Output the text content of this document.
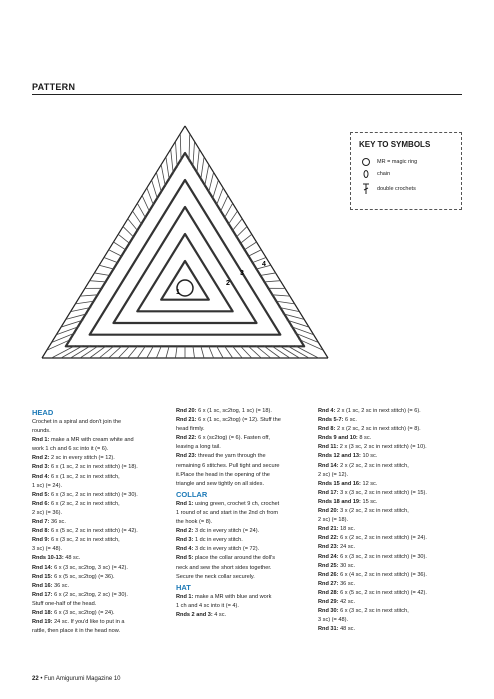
PATTERN
1
2
3
4
KEY TO SYMBOLS
MR = magic ring
chain
double crochets
HEAD

Crochet in a spiral and don't join the

rounds.

Rnd 1: make a MR with cream white and

work 1 ch and 6 sc into it (= 6).

Rnd 2: 2 sc in every stitch (= 12).

Rnd 3: 6 x (1 sc, 2 sc in next stitch) (= 18).

Rnd 4: 6 x (1 sc, 2 sc in next stitch,

1 sc) (= 24).

Rnd 5: 6 x (3 sc, 2 sc in next stitch) (= 30).

Rnd 6: 6 x (2 sc, 2 sc in next stitch,

2 sc) (= 36).

Rnd 7: 36 sc.

Rnd 8: 6 x (5 sc, 2 sc in next stitch) (= 42).

Rnd 9: 6 x (3 sc, 2 sc in next stitch,

3 sc) (= 48).

Rnds 10-13: 48 sc.

Rnd 14: 6 x (3 sc, sc2tog, 3 sc) (= 42).

Rnd 15: 6 x (5 sc, sc2tog) (= 36).

Rnd 16: 36 sc.

Rnd 17: 6 x (2 sc, sc2tog, 2 sc) (= 30).

Stuff one-half of the head.

Rnd 18: 6 x (3 sc, sc2tog) (= 24).

Rnd 19: 24 sc. If you'd like to put in a

rattle, then place it in the head now.

Rnd 20: 6 x (1 sc, sc2tog, 1 sc) (= 18).

Rnd 21: 6 x (1 sc, sc2tog) (= 12). Stuff the

head firmly.

Rnd 22: 6 x (sc2tog) (= 6). Fasten off,

leaving a long tail.

Rnd 23: thread the yarn through the

remaining 6 stitches. Pull tight and secure

it.Place the head in the opening of the

triangle and sew tightly on all sides.

COLLAR

Rnd 1: using green, crochet 9 ch, crochet

1 round of sc and start in the 2nd ch from

the hook (= 8).

Rnd 2: 3 dc in every stitch (= 24).

Rnd 3: 1 dc in every stitch.

Rnd 4: 3 dc in every stitch (= 72).

Rnd 5: place the collar around the doll's

neck and sew the short sides together.

Secure the neck collar securely.

HAT

Rnd 1: make a MR with blue and work

1 ch and 4 sc into it (= 4).

Rnds 2 and 3: 4 sc.

Rnd 4: 2 x (1 sc, 2 sc in next stitch) (= 6).

Rnds 5-7: 6 sc.

Rnd 8: 2 x (2 sc, 2 sc in next stitch) (= 8).

Rnds 9 and 10: 8 sc.

Rnd 11: 2 x (3 sc, 2 sc in next stitch) (= 10).

Rnds 12 and 13: 10 sc.

Rnd 14: 2 x (2 sc, 2 sc in next stitch,

2 sc) (= 12).

Rnds 15 and 16: 12 sc.

Rnd 17: 3 x (3 sc, 2 sc in next stitch) (= 15).

Rnds 18 and 19: 15 sc.

Rnd 20: 3 x (2 sc, 2 sc in next stitch,

2 sc) (= 18).

Rnd 21: 18 sc.

Rnd 22: 6 x (2 sc, 2 sc in next stitch) (= 24).

Rnd 23: 24 sc.

Rnd 24: 6 x (3 sc, 2 sc in next stitch) (= 30).

Rnd 25: 30 sc.

Rnd 26: 6 x (4 sc, 2 sc in next stitch) (= 36).

Rnd 27: 36 sc.

Rnd 28: 6 x (5 sc, 2 sc in next stitch) (= 42).

Rnd 29: 42 sc.

Rnd 30: 6 x (3 sc, 2 sc in next stitch,

3 sc) (= 48).

Rnd 31: 48 sc.

22 • Fun Amigurumi Magazine 10
